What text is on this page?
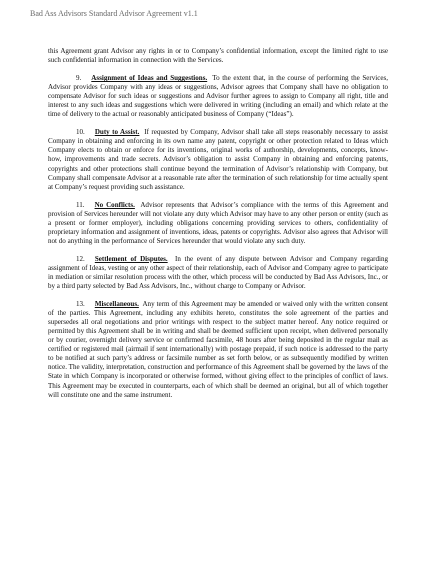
Bad Ass Advisors Standard Advisor Agreement v1.1

this Agreement grant Advisor any rights in or to Company’s confidential information, except the limited right to use such confidential information in connection with the Services.

9. Assignment of Ideas and Suggestions. To the extent that, in the course of performing the Services, Advisor provides Company with any ideas or suggestions, Advisor agrees that Company shall have no obligation to compensate Advisor for such ideas or suggestions and Advisor further agrees to assign to Company all right, title and interest to any such ideas and suggestions which were delivered in writing (including an email) and which relate at the time of delivery to the actual or reasonably anticipated business of Company (“Ideas”).

10. Duty to Assist. If requested by Company, Advisor shall take all steps reasonably necessary to assist Company in obtaining and enforcing in its own name any patent, copyright or other protection related to Ideas which Company elects to obtain or enforce for its inventions, original works of authorship, developments, concepts, know-how, improvements and trade secrets. Advisor’s obligation to assist Company in obtaining and enforcing patents, copyrights and other protections shall continue beyond the termination of Advisor’s relationship with Company, but Company shall compensate Advisor at a reasonable rate after the termination of such relationship for time actually spent at Company’s request providing such assistance.

11. No Conflicts. Advisor represents that Advisor’s compliance with the terms of this Agreement and provision of Services hereunder will not violate any duty which Advisor may have to any other person or entity (such as a present or former employer), including obligations concerning providing services to others, confidentiality of proprietary information and assignment of inventions, ideas, patents or copyrights. Advisor also agrees that Advisor will not do anything in the performance of Services hereunder that would violate any such duty.

12. Settlement of Disputes. In the event of any dispute between Advisor and Company regarding assignment of Ideas, vesting or any other aspect of their relationship, each of Advisor and Company agree to participate in mediation or similar resolution process with the other, which process will be conducted by Bad Ass Advisors, Inc., or by a third party selected by Bad Ass Advisors, Inc., without charge to Company or Advisor.

13. Miscellaneous. Any term of this Agreement may be amended or waived only with the written consent of the parties. This Agreement, including any exhibits hereto, constitutes the sole agreement of the parties and supersedes all oral negotiations and prior writings with respect to the subject matter hereof. Any notice required or permitted by this Agreement shall be in writing and shall be deemed sufficient upon receipt, when delivered personally or by courier, overnight delivery service or confirmed facsimile, 48 hours after being deposited in the regular mail as certified or registered mail (airmail if sent internationally) with postage prepaid, if such notice is addressed to the party to be notified at such party’s address or facsimile number as set forth below, or as subsequently modified by written notice. The validity, interpretation, construction and performance of this Agreement shall be governed by the laws of the State in which Company is incorporated or otherwise formed, without giving effect to the principles of conflict of laws. This Agreement may be executed in counterparts, each of which shall be deemed an original, but all of which together will constitute one and the same instrument.
